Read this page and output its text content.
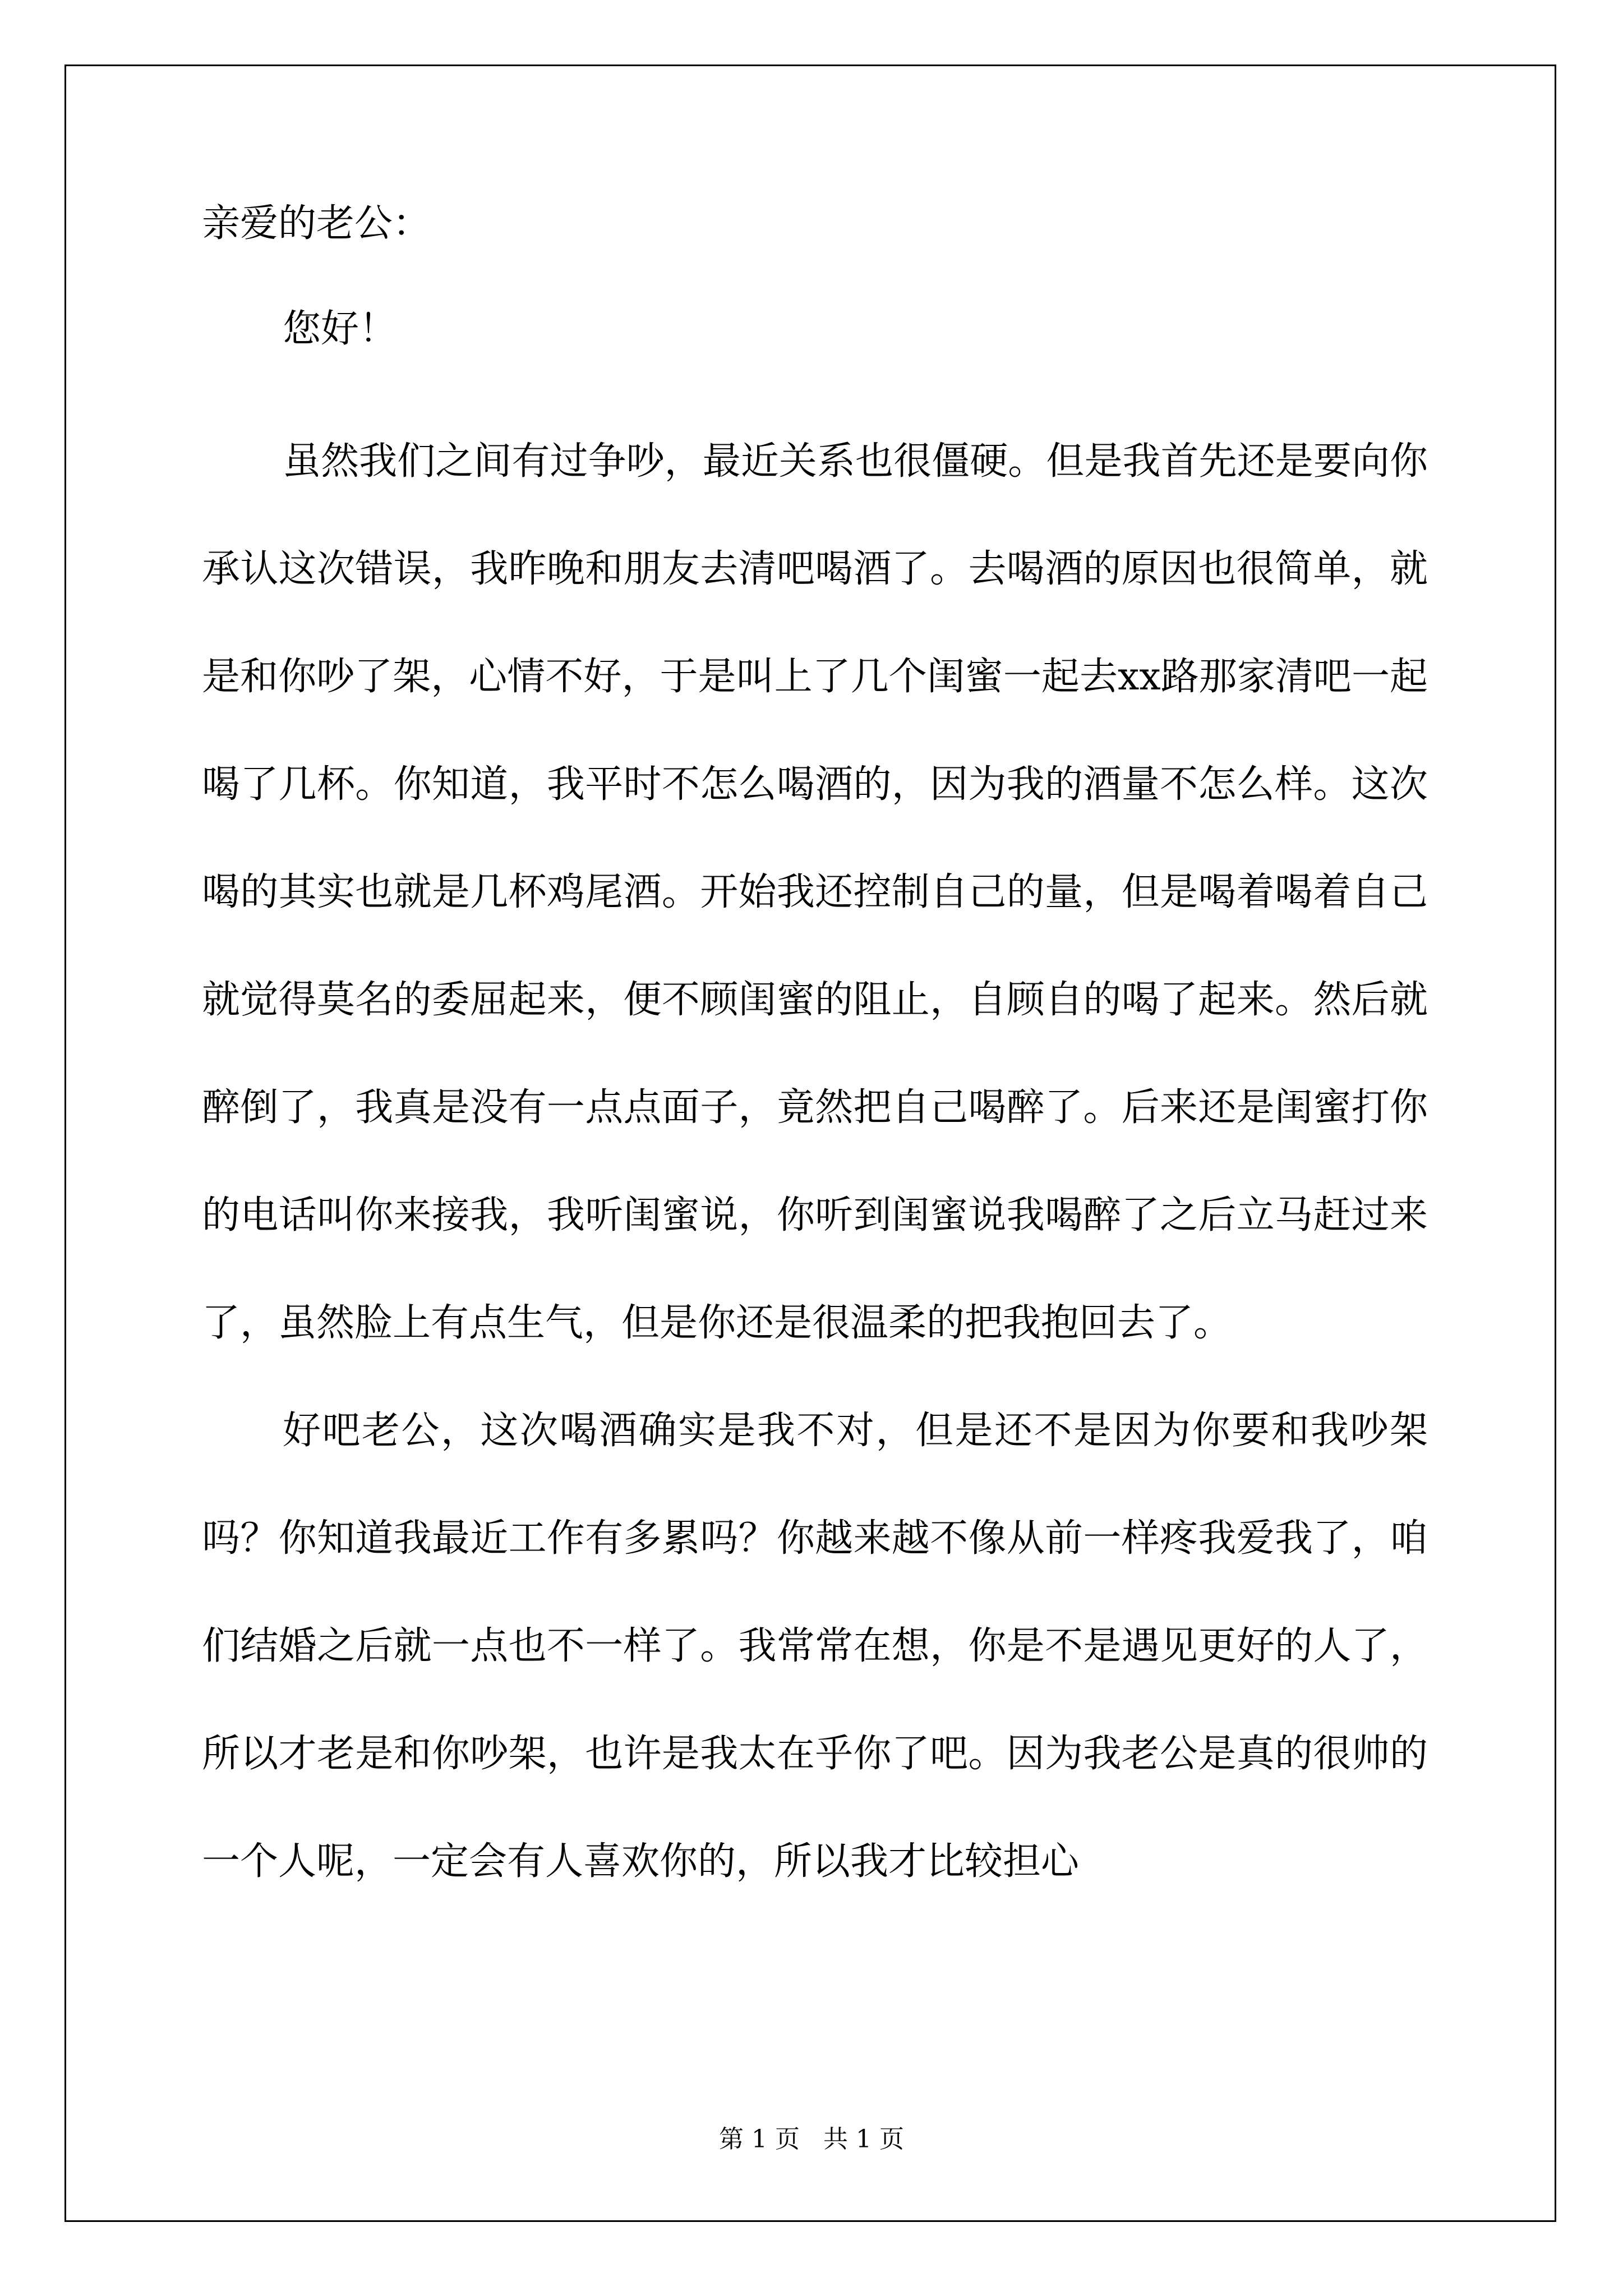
亲爱的老公：

您好！

虽然我们之间有过争吵，最近关系也很僵硬。但是我首先还是要向你承认这次错误，我昨晚和朋友去清吧喝酒了。去喝酒的原因也很简单，就是和你吵了架，心情不好，于是叫上了几个闺蜜一起去xx路那家清吧一起喝了几杯。你知道，我平时不怎么喝酒的，因为我的酒量不怎么样。这次喝的其实也就是几杯鸡尾酒。开始我还控制自己的量，但是喝着喝着自己就觉得莫名的委屈起来，便不顾闺蜜的阻止，自顾自的喝了起来。然后就醉倒了，我真是没有一点点面子，竟然把自己喝醉了。后来还是闺蜜打你的电话叫你来接我，我听闺蜜说，你听到闺蜜说我喝醉了之后立马赶过来了，虽然脸上有点生气，但是你还是很温柔的把我抱回去了。

好吧老公，这次喝酒确实是我不对，但是还不是因为你要和我吵架吗？你知道我最近工作有多累吗？你越来越不像从前一样疼我爱我了，咱们结婚之后就一点也不一样了。我常常在想，你是不是遇见更好的人了，所以才老是和你吵架，也许是我太在乎你了吧。因为我老公是真的很帅的一个人呢，一定会有人喜欢你的，所以我才比较担心

第 1 页   共 1 页
